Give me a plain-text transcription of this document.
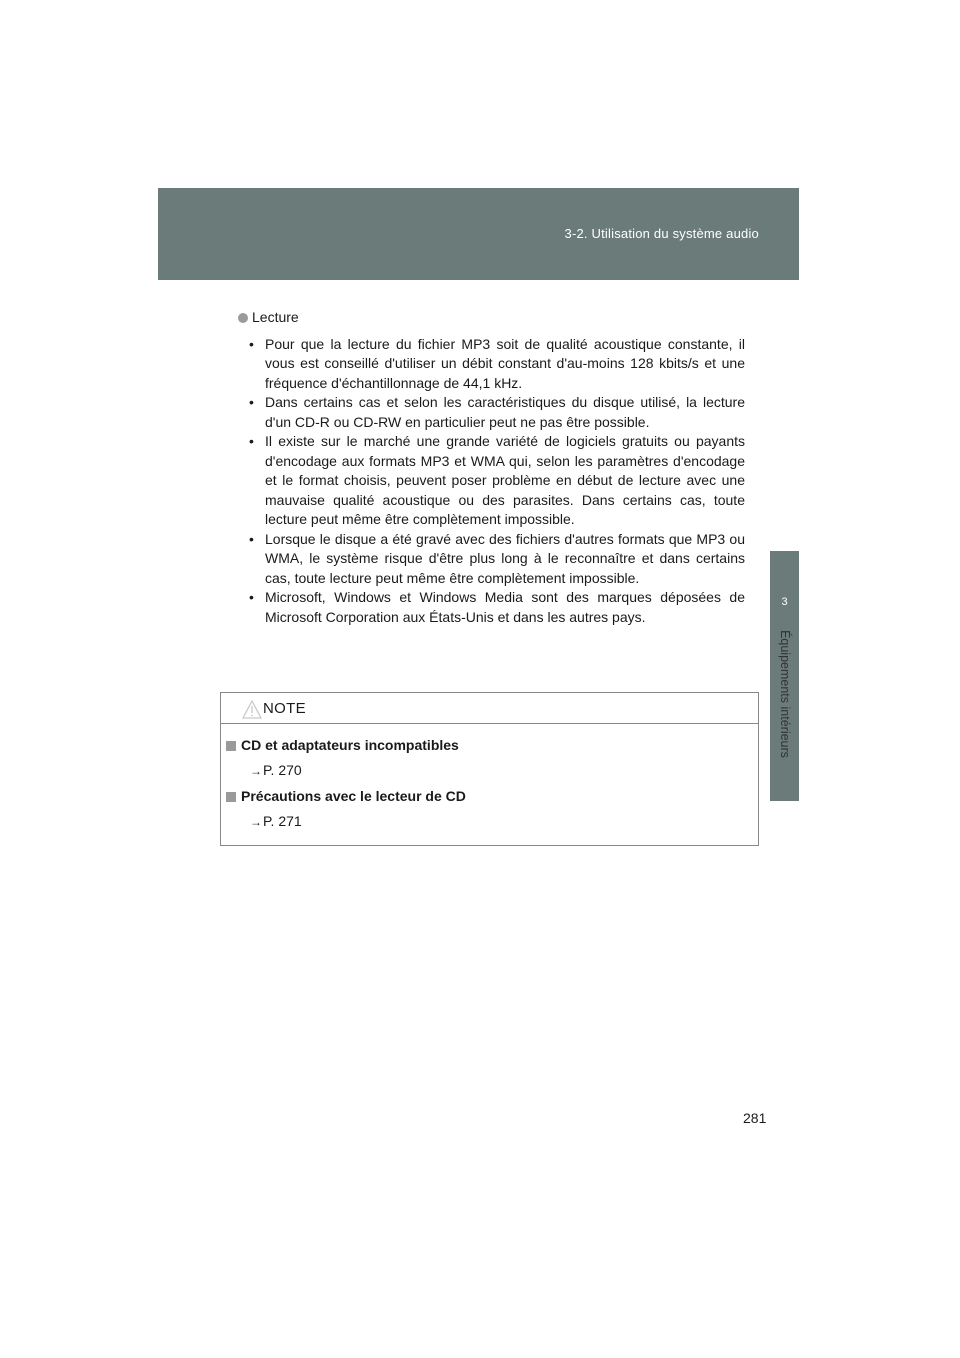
3-2. Utilisation du système audio
3
Équipements intérieurs
Lecture
• Pour que la lecture du fichier MP3 soit de qualité acoustique constante, il vous est conseillé d'utiliser un débit constant d'au-moins 128 kbits/s et une fréquence d'échantillonnage de 44,1 kHz.
• Dans certains cas et selon les caractéristiques du disque utilisé, la lecture d'un CD-R ou CD-RW en particulier peut ne pas être possible.
• Il existe sur le marché une grande variété de logiciels gratuits ou payants d'encodage aux formats MP3 et WMA qui, selon les paramètres d'encodage et le format choisis, peuvent poser problème en début de lecture avec une mauvaise qualité acoustique ou des parasites. Dans certains cas, toute lecture peut même être complètement impossible.
• Lorsque le disque a été gravé avec des fichiers d'autres formats que MP3 ou WMA, le système risque d'être plus long à le reconnaître et dans certains cas, toute lecture peut même être complètement impossible.
• Microsoft, Windows et Windows Media sont des marques déposées de Microsoft Corporation aux États-Unis et dans les autres pays.
NOTE
CD et adaptateurs incompatibles
→P. 270
Précautions avec le lecteur de CD
→P. 271
281
